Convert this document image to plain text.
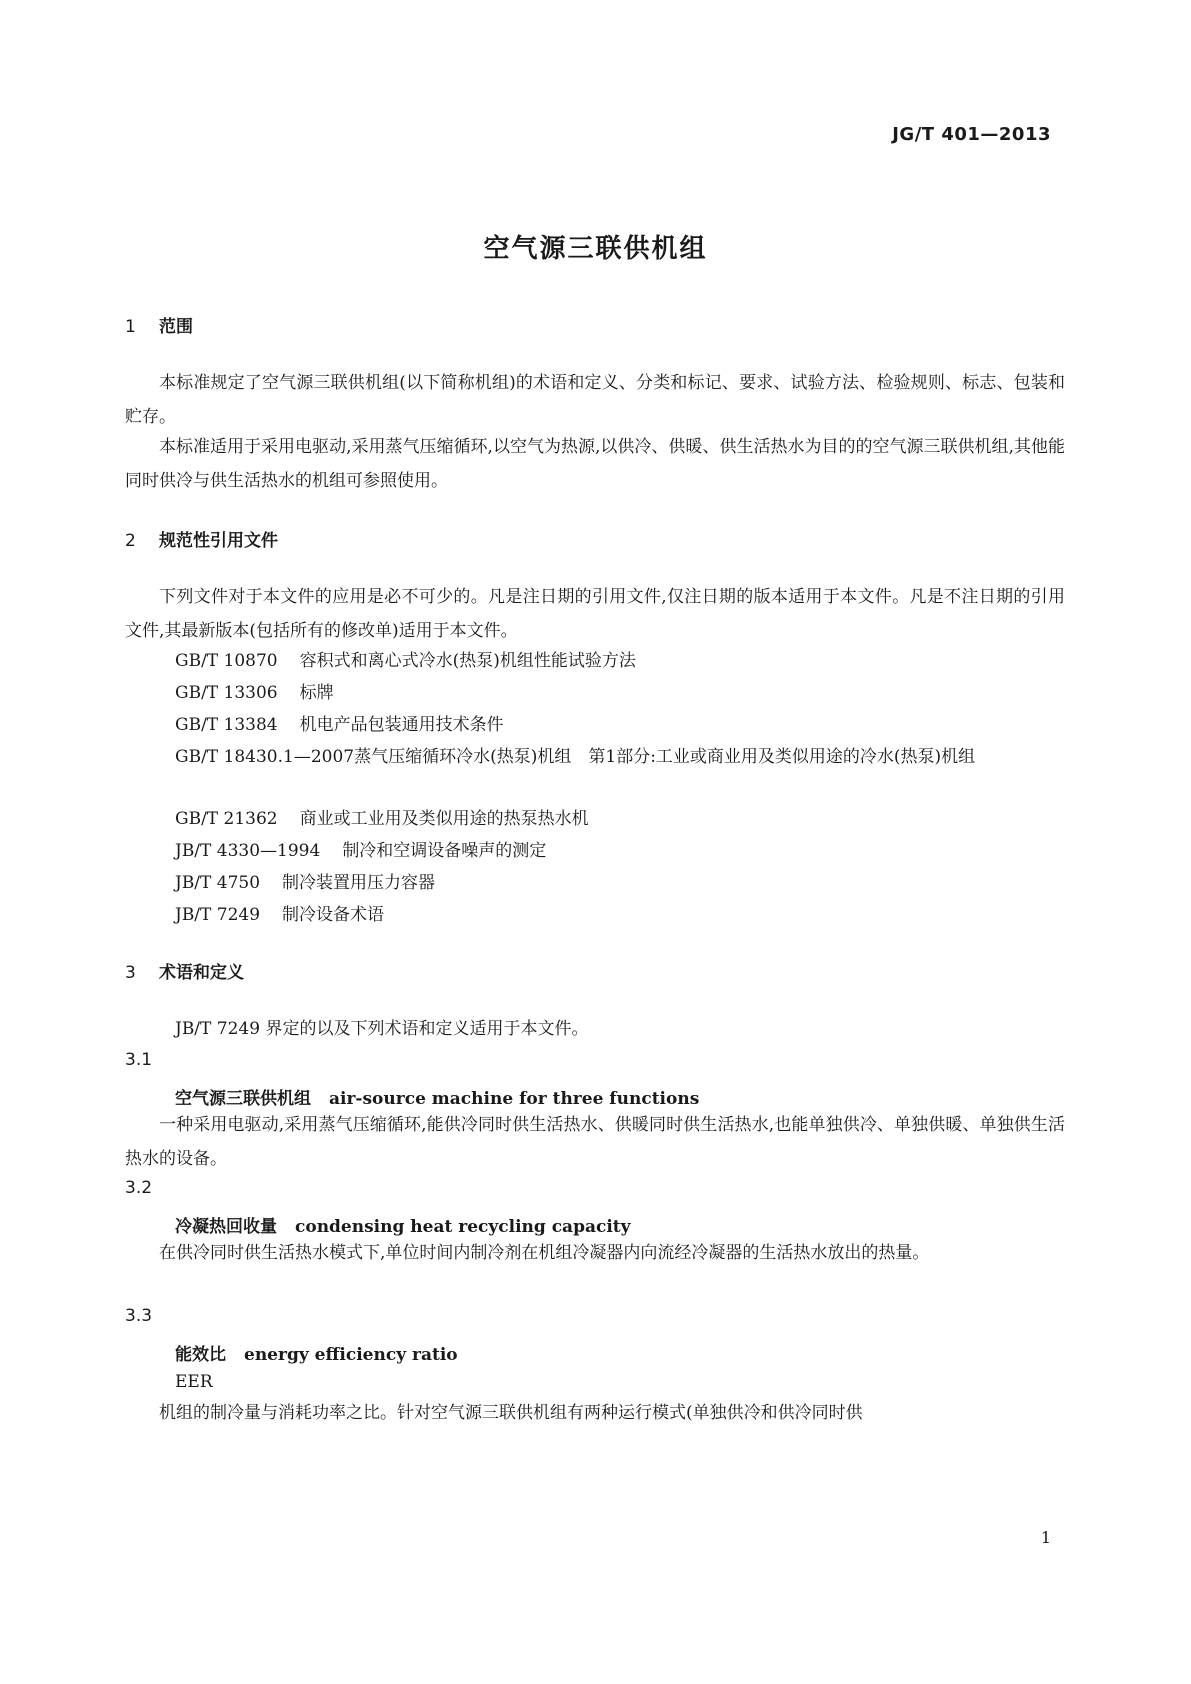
JG/T 401—2013
空气源三联供机组
1 范围

本标准规定了空气源三联供机组(以下简称机组)的术语和定义、分类和标记、要求、试验方法、检验规则、标志、包装和贮存。

本标准适用于采用电驱动,采用蒸气压缩循环,以空气为热源,以供冷、供暖、供生活热水为目的的空气源三联供机组,其他能同时供冷与供生活热水的机组可参照使用。

2 规范性引用文件

下列文件对于本文件的应用是必不可少的。凡是注日期的引用文件,仅注日期的版本适用于本文件。凡是不注日期的引用文件,其最新版本(包括所有的修改单)适用于本文件。

GB/T 10870 容积式和离心式冷水(热泵)机组性能试验方法
GB/T 13306 标牌
GB/T 13384 机电产品包装通用技术条件
GB/T 18430.1—2007蒸气压缩循环冷水(热泵)机组　第1部分:工业或商业用及类似用途的冷水(热泵)机组
GB/T 21362 商业或工业用及类似用途的热泵热水机
JB/T 4330—1994 制冷和空调设备噪声的测定
JB/T 4750 制冷装置用压力容器
JB/T 7249 制冷设备术语
3 术语和定义
JB/T 7249 界定的以及下列术语和定义适用于本文件。
3.1
空气源三联供机组 air-source machine for three functions

一种采用电驱动,采用蒸气压缩循环,能供冷同时供生活热水、供暖同时供生活热水,也能单独供冷、单独供暖、单独供生活热水的设备。

3.2
冷凝热回收量 condensing heat recycling capacity

在供冷同时供生活热水模式下,单位时间内制冷剂在机组冷凝器内向流经冷凝器的生活热水放出的热量。

3.3
能效比 energy efficiency ratio
EER

机组的制冷量与消耗功率之比。针对空气源三联供机组有两种运行模式(单独供冷和供冷同时供

1
